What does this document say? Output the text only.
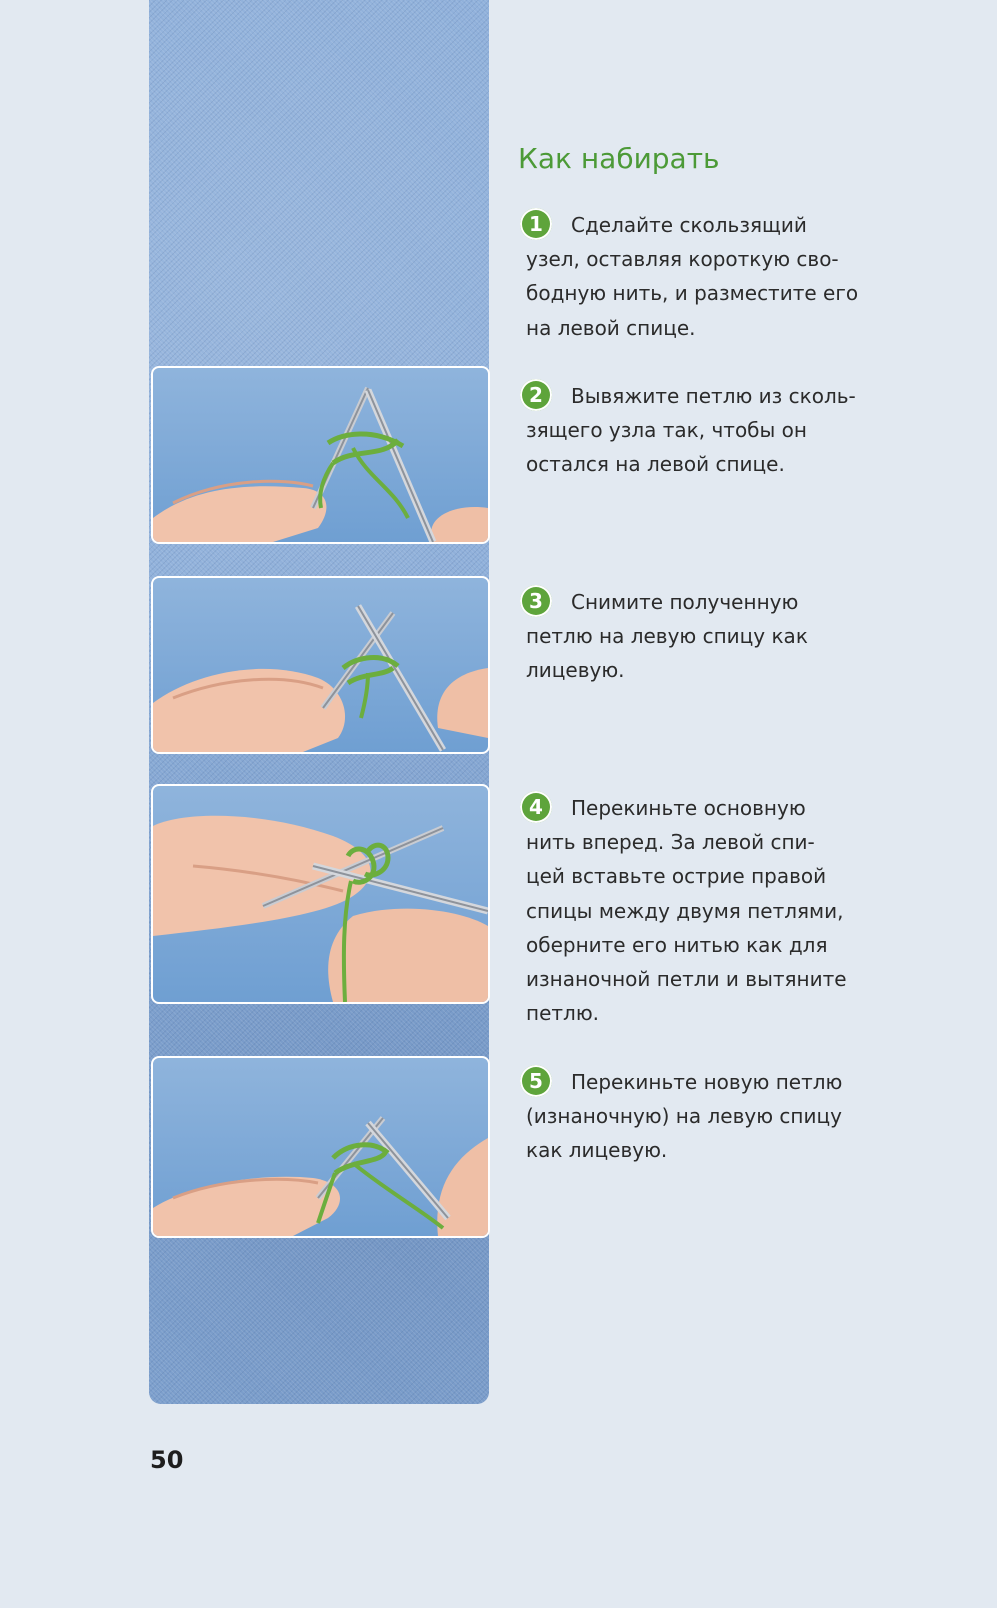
Как набирать
1	Сделайте скользящий
узел, оставляя короткую сво-
бодную нить, и разместите его
на левой спице.
2	Вывяжите петлю из сколь-
зящего узла так, чтобы он
остался на левой спице.
3	Снимите полученную
петлю на левую спицу как
лицевую.
4	Перекиньте основную
нить вперед. За левой спи-
цей вставьте острие правой
спицы между двумя петлями,
оберните его нитью как для
изнаночной петли и вытяните
петлю.
5	Перекиньте новую петлю
(изнаночную) на левую спицу
как лицевую.
50
